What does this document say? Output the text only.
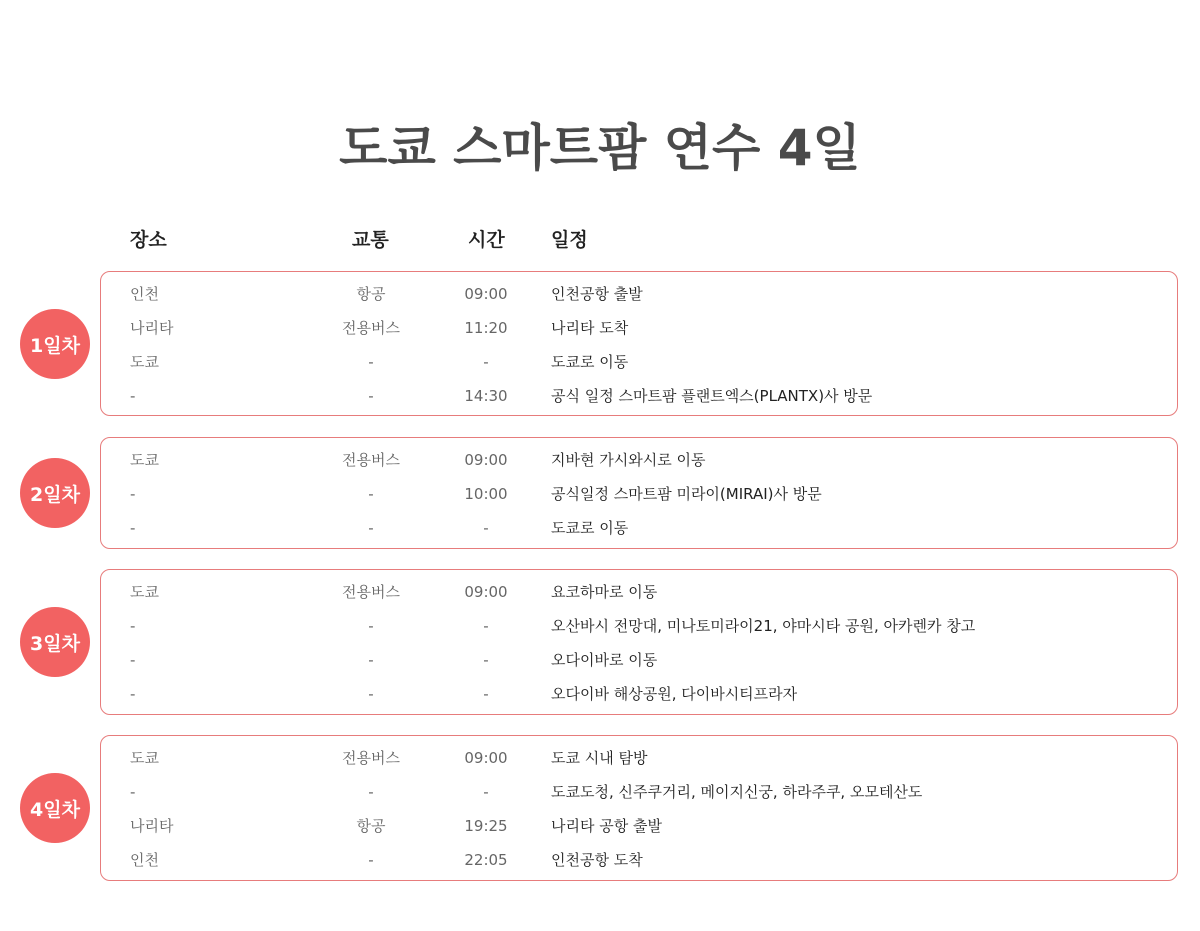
도쿄 스마트팜 연수 4일
장소	교통	시간 일정
1일차
인천	항공	09:00	인천공항 출발
나리타	전용버스	11:20	나리타 도착
도쿄	-	-	도쿄로 이동
-	-	14:30	공식 일정 스마트팜 플랜트엑스(PLANTX)사 방문
2일차
도쿄	전용버스	09:00	지바현 가시와시로 이동
-	-	10:00	공식일정 스마트팜 미라이(MIRAI)사 방문
-	-	-	도쿄로 이동
3일차
도쿄	전용버스	09:00	요코하마로 이동
-	-	-	오산바시 전망대, 미나토미라이21, 야마시타 공원, 아카렌카 창고
-	-	-	오다이바로 이동
-	-	-	오다이바 해상공원, 다이바시티프라자
4일차
도쿄	전용버스	09:00	도쿄 시내 탐방
-	-	-	도쿄도청, 신주쿠거리, 메이지신궁, 하라주쿠, 오모테산도
나리타	항공	19:25	나리타 공항 출발
인천	-	22:05	인천공항 도착
